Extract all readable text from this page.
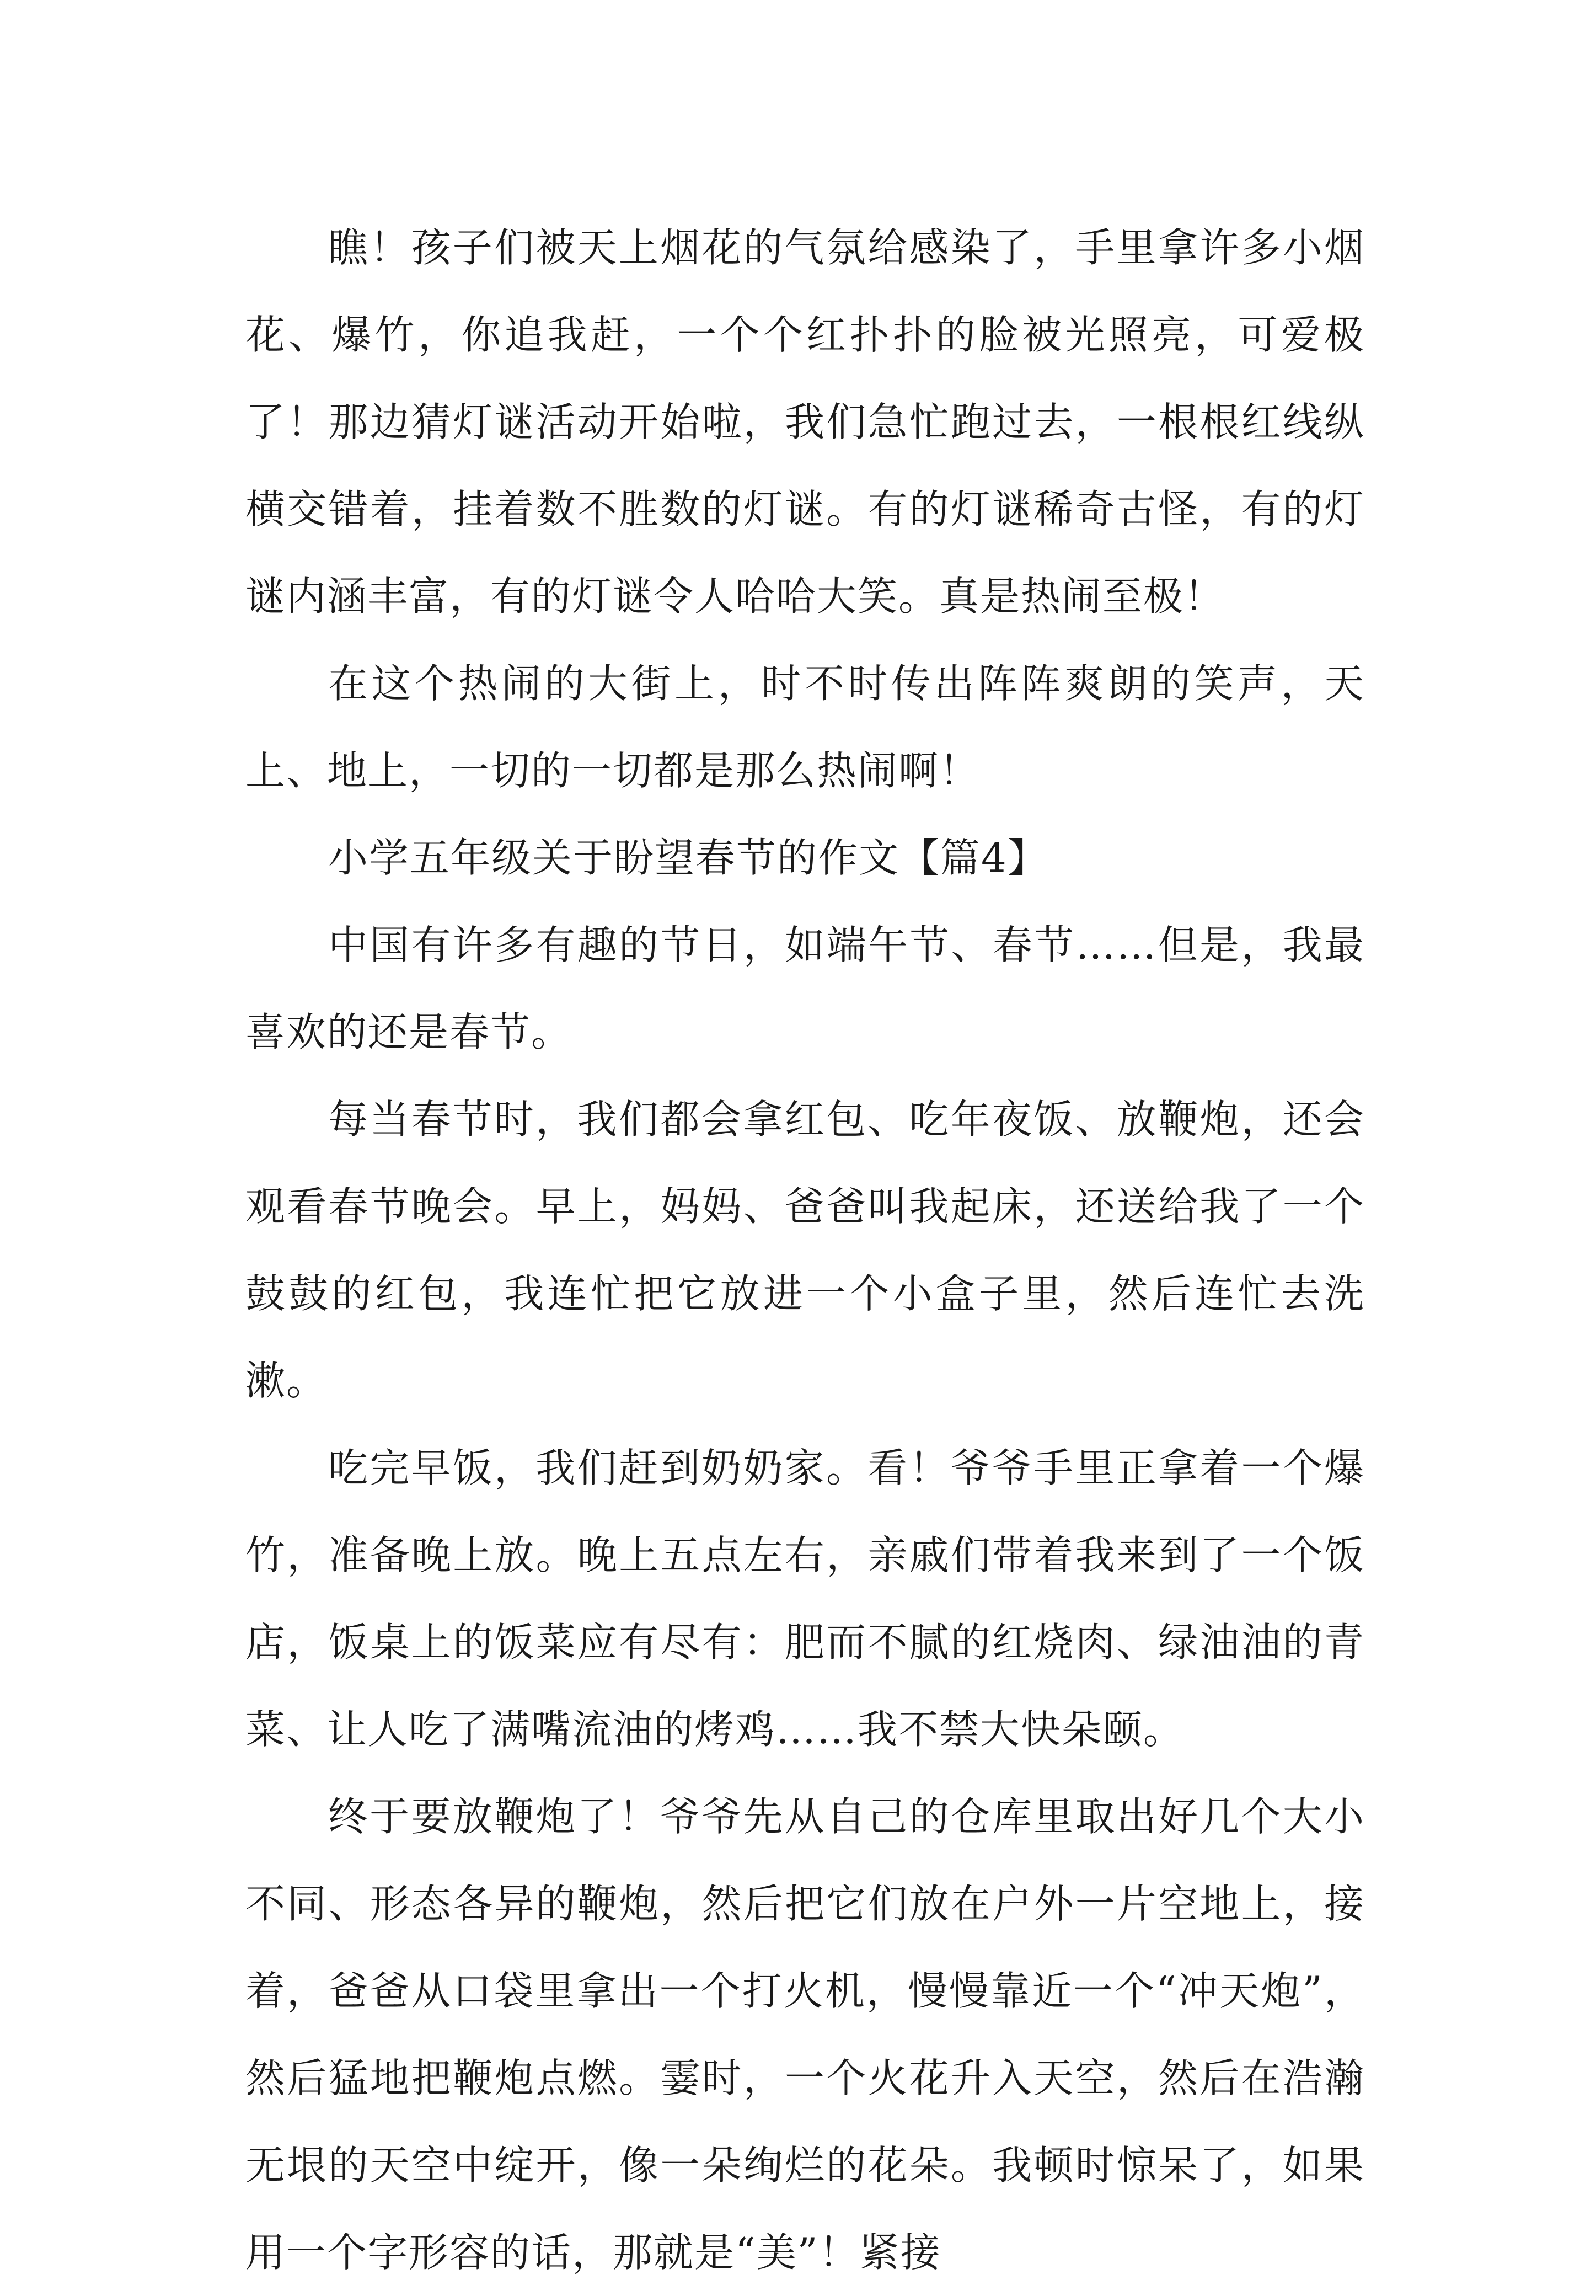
瞧！孩子们被天上烟花的气氛给感染了，手里拿许多小烟花、爆竹，你追我赶，一个个红扑扑的脸被光照亮，可爱极了！那边猜灯谜活动开始啦，我们急忙跑过去，一根根红线纵横交错着，挂着数不胜数的灯谜。有的灯谜稀奇古怪，有的灯谜内涵丰富，有的灯谜令人哈哈大笑。真是热闹至极！

在这个热闹的大街上，时不时传出阵阵爽朗的笑声，天上、地上，一切的一切都是那么热闹啊！

小学五年级关于盼望春节的作文【篇4】

中国有许多有趣的节日，如端午节、春节……但是，我最喜欢的还是春节。

每当春节时，我们都会拿红包、吃年夜饭、放鞭炮，还会观看春节晚会。早上，妈妈、爸爸叫我起床，还送给我了一个鼓鼓的红包，我连忙把它放进一个小盒子里，然后连忙去洗漱。

吃完早饭，我们赶到奶奶家。看！爷爷手里正拿着一个爆竹，准备晚上放。晚上五点左右，亲戚们带着我来到了一个饭店，饭桌上的饭菜应有尽有：肥而不腻的红烧肉、绿油油的青菜、让人吃了满嘴流油的烤鸡……我不禁大快朵颐。

终于要放鞭炮了！爷爷先从自己的仓库里取出好几个大小不同、形态各异的鞭炮，然后把它们放在户外一片空地上，接着，爸爸从口袋里拿出一个打火机，慢慢靠近一个“冲天炮”，然后猛地把鞭炮点燃。霎时，一个火花升入天空，然后在浩瀚无垠的天空中绽开，像一朵绚烂的花朵。我顿时惊呆了，如果用一个字形容的话，那就是“美”！紧接
